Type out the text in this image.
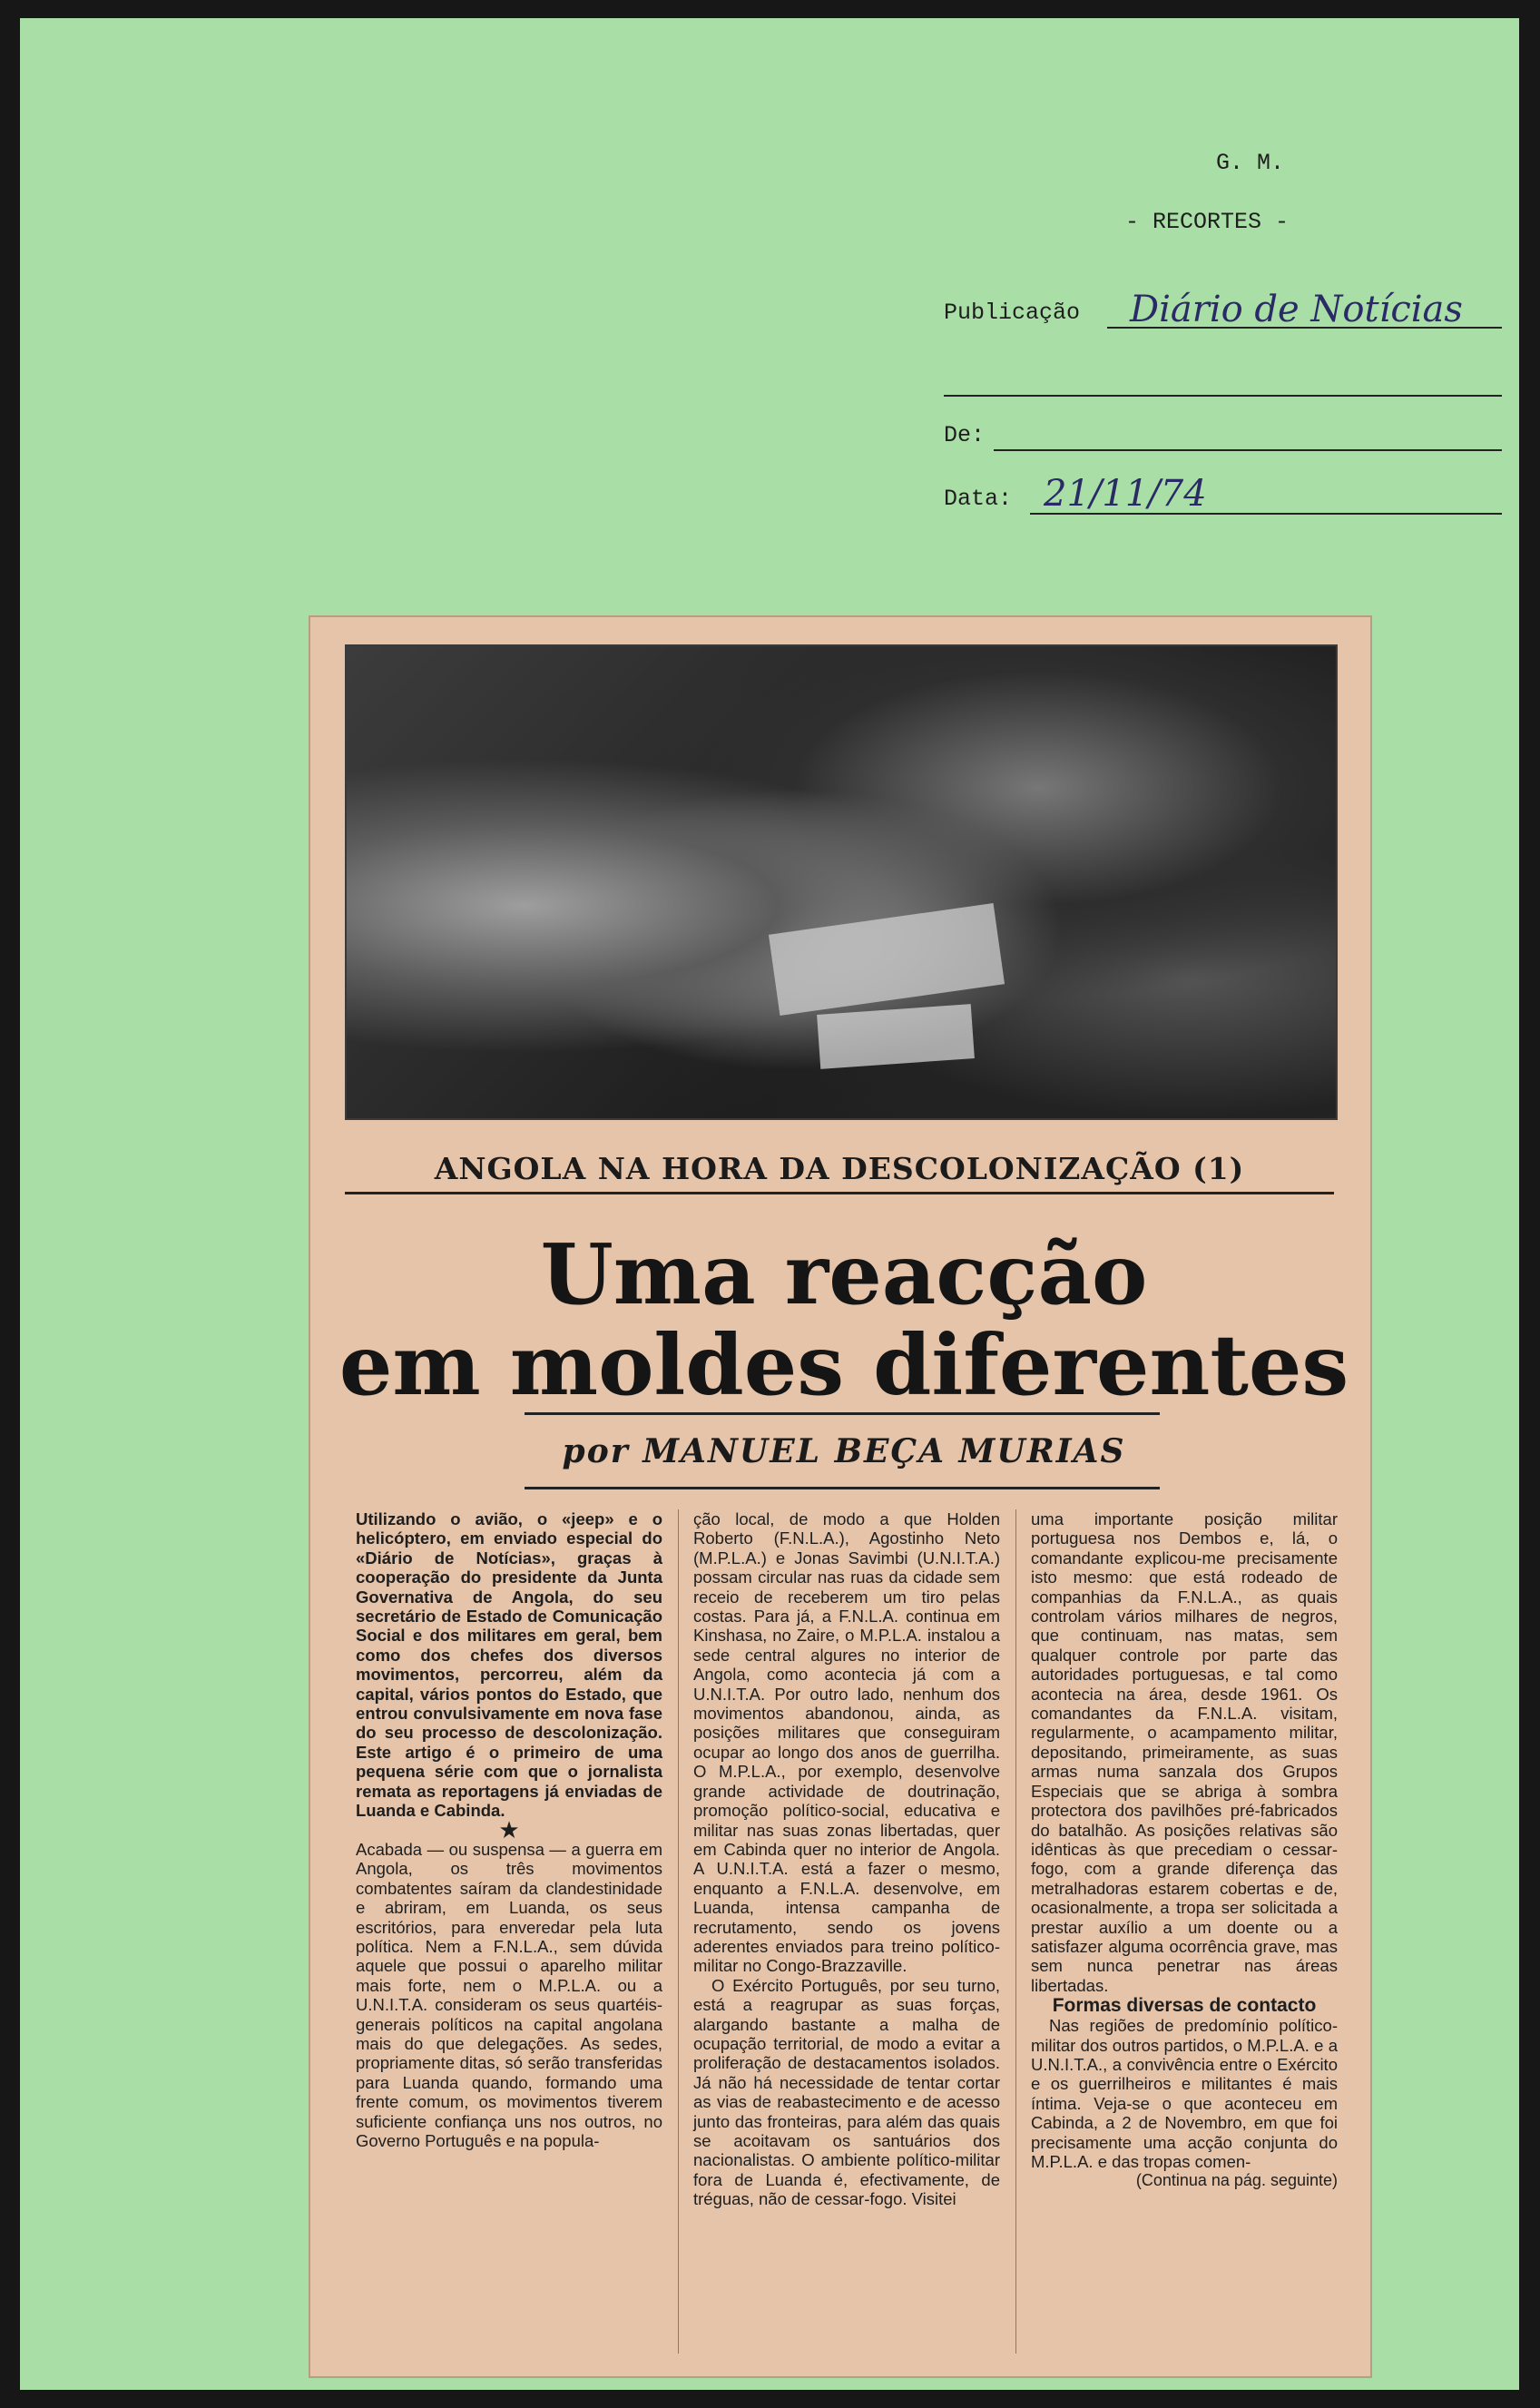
G. M.
- RECORTES -
Publicação Diário de Notícias
De:
Data: 21/11/74
ANGOLA NA HORA DA DESCOLONIZAÇÃO (1)
Uma reacção
em moldes diferentes
por MANUEL BEÇA MURIAS

Utilizando o avião, o «jeep» e o helicóptero, em enviado especial do «Diário de Notícias», graças à cooperação do presidente da Junta Governativa de Angola, do seu secretário de Estado de Comunicação Social e dos militares em geral, bem como dos chefes dos diversos movimentos, percorreu, além da capital, vários pontos do Estado, que entrou convulsivamente em nova fase do seu processo de descolonização. Este artigo é o primeiro de uma pequena série com que o jornalista remata as reportagens já enviadas de Luanda e Cabinda.

★

Acabada — ou suspensa — a guerra em Angola, os três movimentos combatentes saíram da clandestinidade e abriram, em Luanda, os seus escritórios, para enveredar pela luta política. Nem a F.N.L.A., sem dúvida aquele que possui o aparelho militar mais forte, nem o M.P.L.A. ou a U.N.I.T.A. consideram os seus quartéis-generais políticos na capital angolana mais do que delegações. As sedes, propriamente ditas, só serão transferidas para Luanda quando, formando uma frente comum, os movimentos tiverem suficiente confiança uns nos outros, no Governo Português e na popula-

ção local, de modo a que Holden Roberto (F.N.L.A.), Agostinho Neto (M.P.L.A.) e Jonas Savimbi (U.N.I.T.A.) possam circular nas ruas da cidade sem receio de receberem um tiro pelas costas. Para já, a F.N.L.A. continua em Kinshasa, no Zaire, o M.P.L.A. instalou a sede central algures no interior de Angola, como acontecia já com a U.N.I.T.A. Por outro lado, nenhum dos movimentos abandonou, ainda, as posições militares que conseguiram ocupar ao longo dos anos de guerrilha. O M.P.L.A., por exemplo, desenvolve grande actividade de doutrinação, promoção político-social, educativa e militar nas suas zonas libertadas, quer em Cabinda quer no interior de Angola. A U.N.I.T.A. está a fazer o mesmo, enquanto a F.N.L.A. desenvolve, em Luanda, intensa campanha de recrutamento, sendo os jovens aderentes enviados para treino político-militar no Congo-Brazzaville.

O Exército Português, por seu turno, está a reagrupar as suas forças, alargando bastante a malha de ocupação territorial, de modo a evitar a proliferação de destacamentos isolados. Já não há necessidade de tentar cortar as vias de reabastecimento e de acesso junto das fronteiras, para além das quais se acoitavam os santuários dos nacionalistas. O ambiente político-militar fora de Luanda é, efectivamente, de tréguas, não de cessar-fogo. Visitei

uma importante posição militar portuguesa nos Dembos e, lá, o comandante explicou-me precisamente isto mesmo: que está rodeado de companhias da F.N.L.A., as quais controlam vários milhares de negros, que continuam, nas matas, sem qualquer controle por parte das autoridades portuguesas, e tal como acontecia na área, desde 1961. Os comandantes da F.N.L.A. visitam, regularmente, o acampamento militar, depositando, primeiramente, as suas armas numa sanzala dos Grupos Especiais que se abriga à sombra protectora dos pavilhões pré-fabricados do batalhão. As posições relativas são idênticas às que precediam o cessar-fogo, com a grande diferença das metralhadoras estarem cobertas e de, ocasionalmente, a tropa ser solicitada a prestar auxílio a um doente ou a satisfazer alguma ocorrência grave, mas sem nunca penetrar nas áreas libertadas.

Formas diversas de contacto

Nas regiões de predomínio político-militar dos outros partidos, o M.P.L.A. e a U.N.I.T.A., a convivência entre o Exército e os guerrilheiros e militantes é mais íntima. Veja-se o que aconteceu em Cabinda, a 2 de Novembro, em que foi precisamente uma acção conjunta do M.P.L.A. e das tropas comen-

(Continua na pág. seguinte)
